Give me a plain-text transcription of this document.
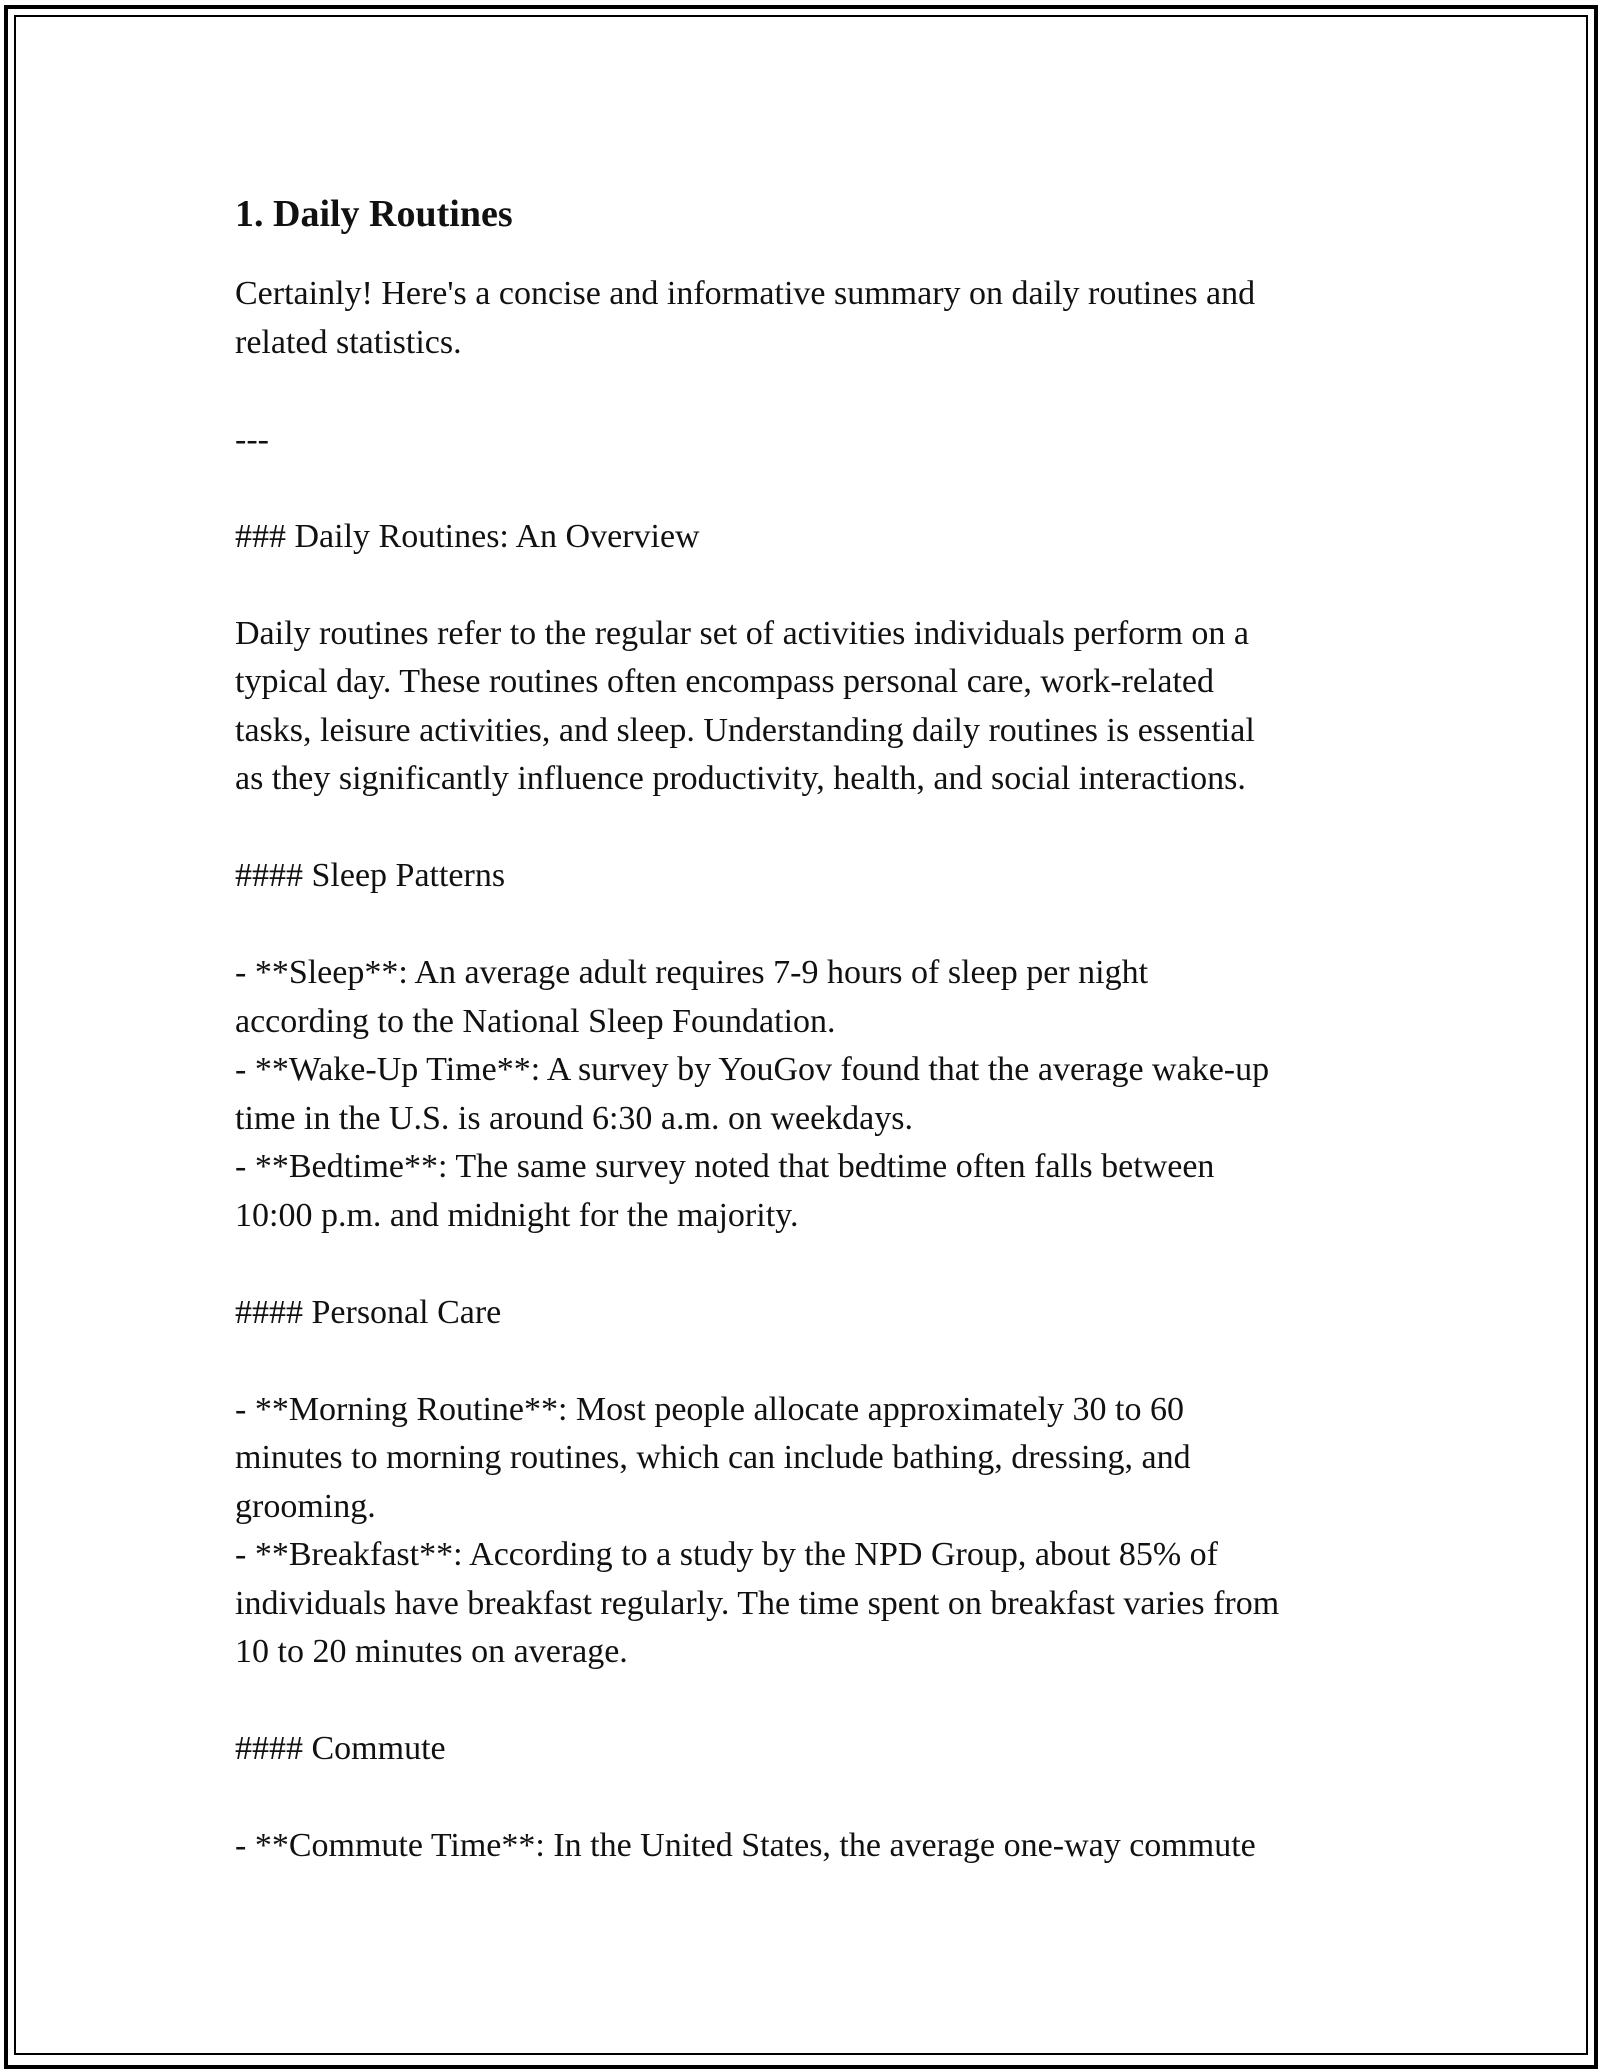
1. Daily Routines
Certainly! Here's a concise and informative summary on daily routines and
related statistics.
---
### Daily Routines: An Overview
Daily routines refer to the regular set of activities individuals perform on a
typical day. These routines often encompass personal care, work-related
tasks, leisure activities, and sleep. Understanding daily routines is essential
as they significantly influence productivity, health, and social interactions.
#### Sleep Patterns
- **Sleep**: An average adult requires 7-9 hours of sleep per night
according to the National Sleep Foundation.
- **Wake-Up Time**: A survey by YouGov found that the average wake-up
time in the U.S. is around 6:30 a.m. on weekdays.
- **Bedtime**: The same survey noted that bedtime often falls between
10:00 p.m. and midnight for the majority.
#### Personal Care
- **Morning Routine**: Most people allocate approximately 30 to 60
minutes to morning routines, which can include bathing, dressing, and
grooming.
- **Breakfast**: According to a study by the NPD Group, about 85% of
individuals have breakfast regularly. The time spent on breakfast varies from
10 to 20 minutes on average.
#### Commute
- **Commute Time**: In the United States, the average one-way commute
